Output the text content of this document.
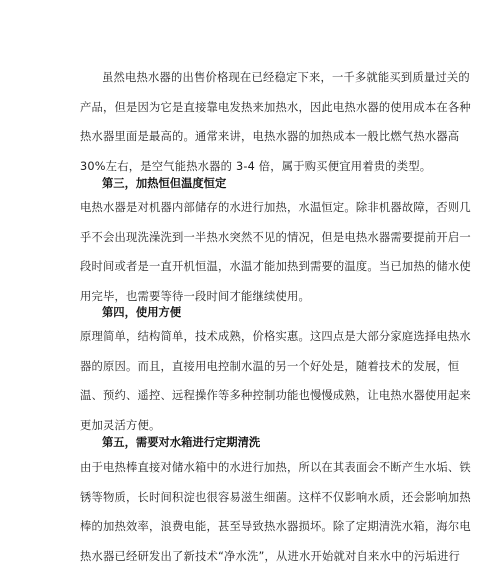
虽然电热水器的出售价格现在已经稳定下来，一千多就能买到质量过关的
产品，但是因为它是直接靠电发热来加热水，因此电热水器的使用成本在各种
热水器里面是最高的。通常来讲，电热水器的加热成本一般比燃气热水器高
30%左右，是空气能热水器的 3-4 倍，属于购买便宜用着贵的类型。

第三，加热恒但温度恒定

电热水器是对机器内部储存的水进行加热，水温恒定。除非机器故障，否则几
乎不会出现洗澡洗到一半热水突然不见的情况，但是电热水器需要提前开启一
段时间或者是一直开机恒温，水温才能加热到需要的温度。当已加热的储水使
用完毕，也需要等待一段时间才能继续使用。

第四，使用方便

原理简单，结构简单，技术成熟，价格实惠。这四点是大部分家庭选择电热水
器的原因。而且，直接用电控制水温的另一个好处是，随着技术的发展，恒
温、预约、遥控、远程操作等多种控制功能也慢慢成熟，让电热水器使用起来
更加灵活方便。

第五，需要对水箱进行定期清洗

由于电热棒直接对储水箱中的水进行加热，所以在其表面会不断产生水垢、铁
锈等物质，长时间积淀也很容易滋生细菌。这样不仅影响水质，还会影响加热
棒的加热效率，浪费电能，甚至导致热水器损坏。除了定期清洗水箱，海尔电
热水器已经研发出了新技术“净水洗”，从进水开始就对自来水中的污垢进行
